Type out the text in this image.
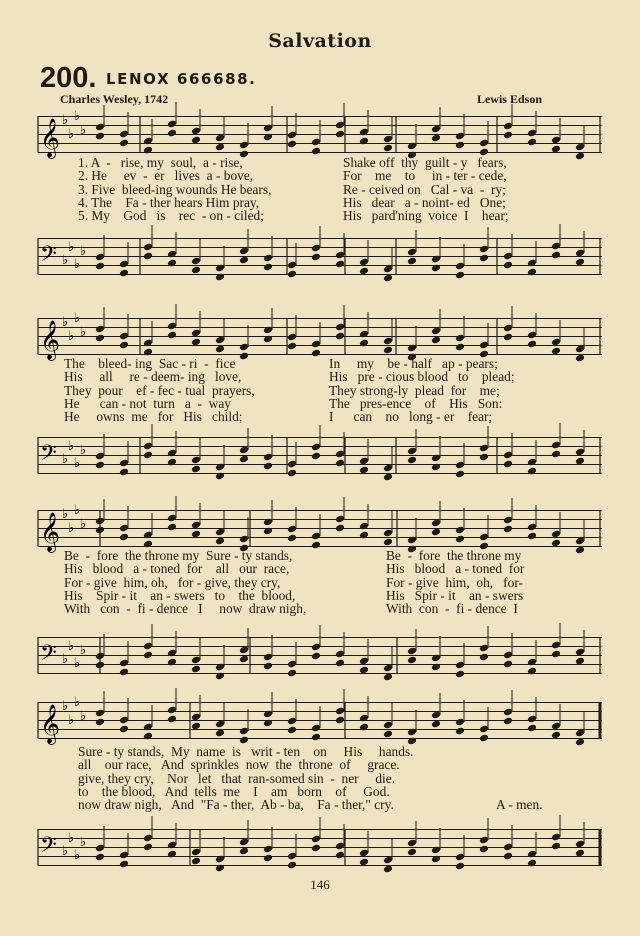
Salvation
200. LENOX 666688.
Charles Wesley, 1742	Lewis Edson
𝄞 ♭
♭
♭
♭
1. A  -   rise, my  soul,  a - rise,	Shake off  thy  guilt - y   fears,
2. He     ev  -  er   lives  a - bove,	For    me    to     in - ter - cede,
3. Five  bleed-ing wounds He bears,	Re - ceived on   Cal - va  -  ry;
4. The    Fa - ther hears Him pray,	His   dear   a - noint- ed   One;
5. My    God   is    rec  - on - ciled;	His   pard'ning  voice  I    hear;
𝄢 ♭
♭
♭
♭
𝄞 ♭
♭
♭
♭
The    bleed- ing  Sac - ri  -  fice	In     my    be - half   ap - pears;
His     all     re - deem- ing   love,	His   pre - cious blood   to    plead;
They  pour    ef - fec - tual  prayers,	They strong-ly  plead  for    me;
He      can - not  turn   a  -  way	The   pres-ence    of    His   Son:
He     owns  me   for   His   child;	I      can    no   long - er    fear;
𝄢 ♭
♭
♭
♭
𝄞 ♭
♭
♭
♭
Be  -  fore  the throne my  Sure - ty stands,	Be  -  fore  the throne my
His   blood   a - toned  for    all   our  race,	His   blood   a - toned  for
For - give  him, oh,   for - give, they cry,	For - give  him,  oh,   for-
His    Spir - it    an - swers   to    the  blood,	His   Spir - it    an - swers
With   con  -  fi - dence   I     now  draw nigh,	With  con  -  fi - dence  I
𝄢 ♭
♭
♭
♭
𝄞 ♭
♭
♭
♭
Sure - ty stands,  My  name  is   writ - ten    on     His     hands.
all    our race,   And  sprinkles  now  the  throne  of     grace.
give, they cry,    Nor   let   that  ran-somed sin  -  ner     die.
to    the blood,   And  tells  me    I    am   born    of     God.
now draw nigh,   And  "Fa - ther,  Ab - ba,    Fa - ther," cry.	A - men.
𝄢 ♭
♭
♭
♭
146
